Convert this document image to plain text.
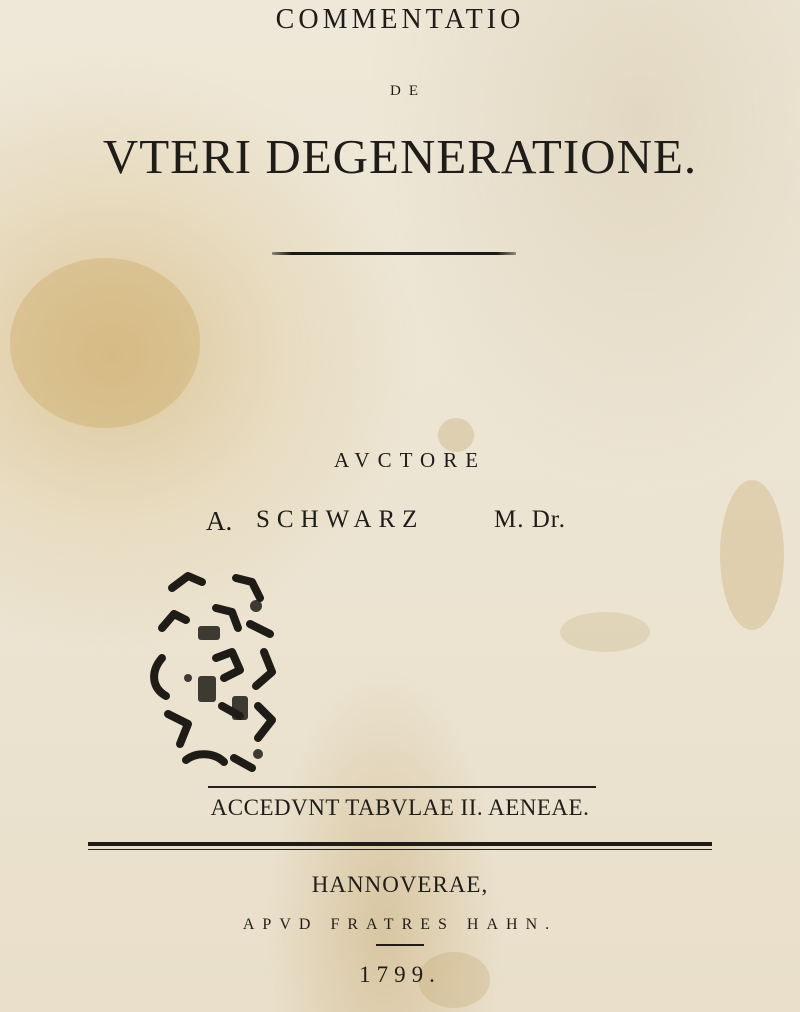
COMMENTATIO
DE
VTERI DEGENERATIONE.
AVCTORE
A. SCHWARZ	M. Dr.
ACCEDVNT TABVLAE II. AENEAE.
HANNOVERAE,
APVD FRATRES HAHN.
1799.
